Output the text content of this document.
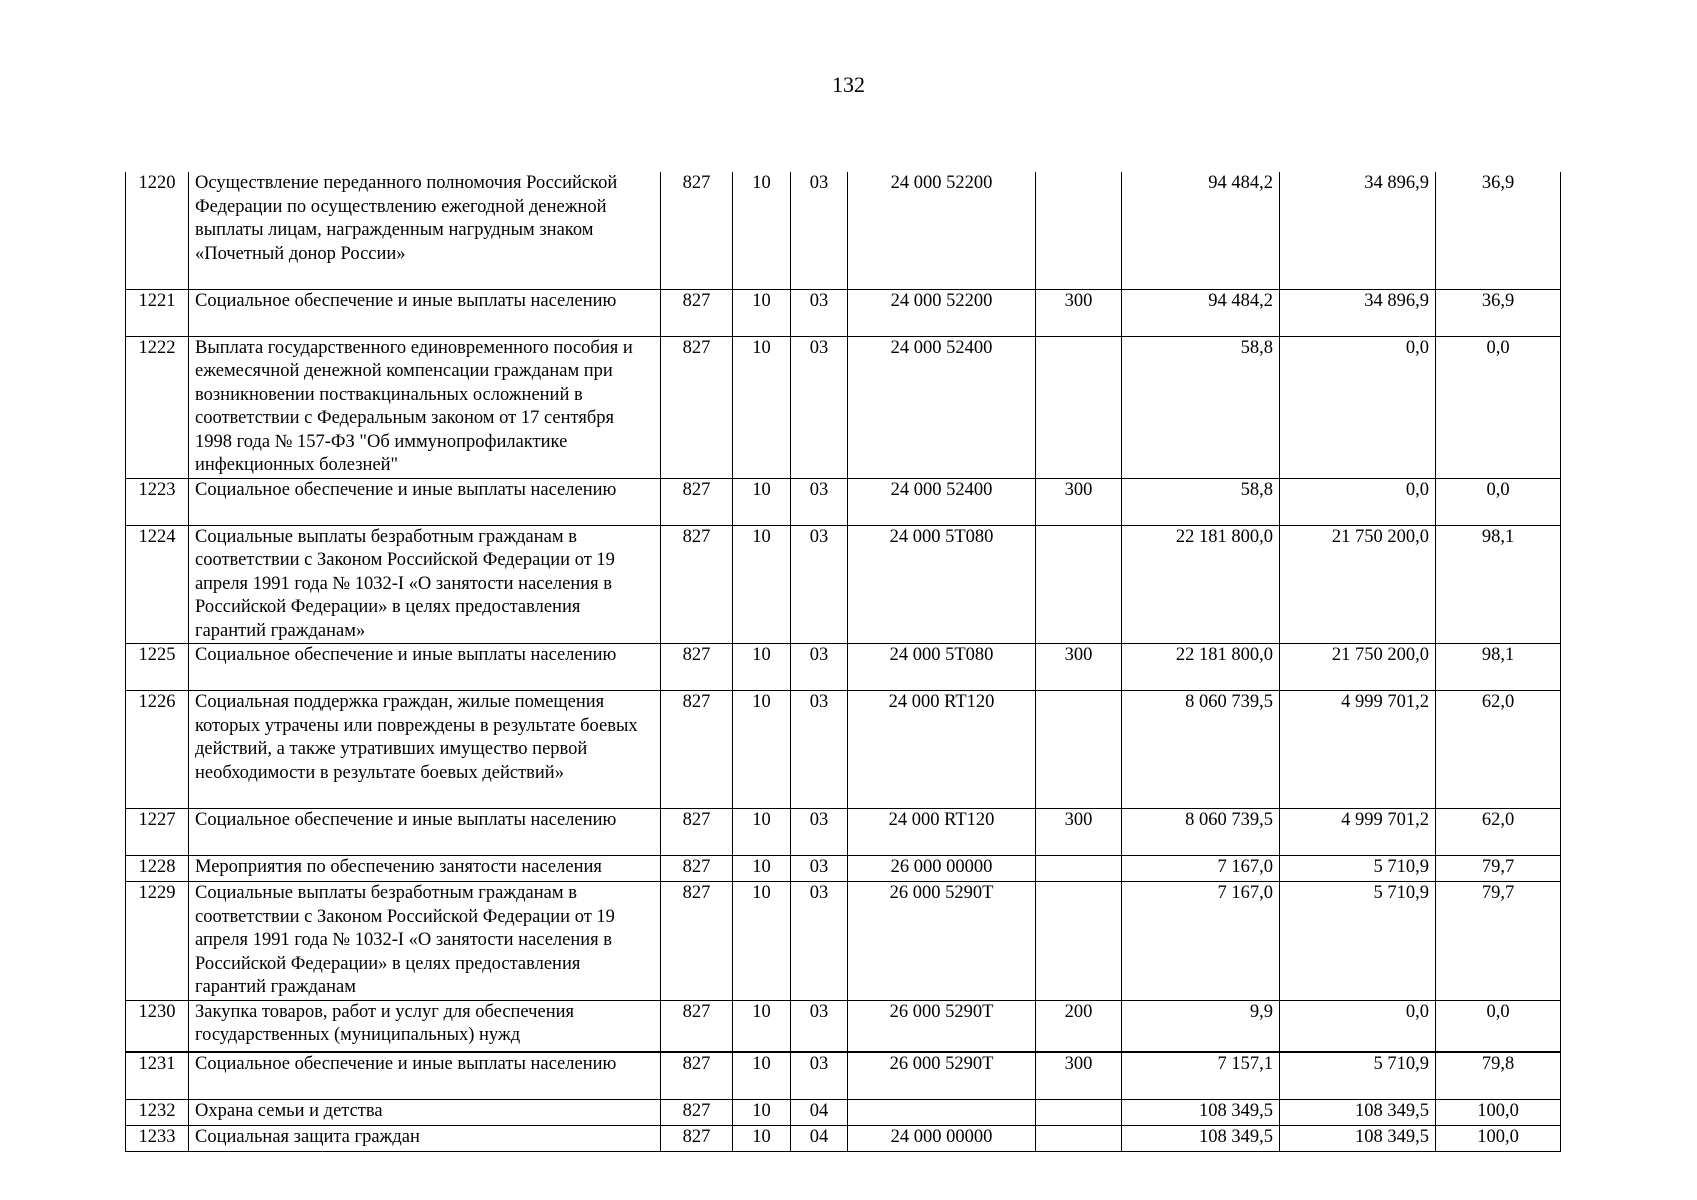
132
1220	Осуществление переданного полномочия Российской Федерации по осуществлению ежегодной денежной выплаты лицам, награжденным нагрудным знаком «Почетный донор России»	827	10	03	24 000 52200		94 484,2	34 896,9	36,9
1221	Социальное обеспечение и иные выплаты населению	827	10	03	24 000 52200	300	94 484,2	34 896,9	36,9
1222	Выплата государственного единовременного пособия и ежемесячной денежной компенсации гражданам при возникновении поствакцинальных осложнений в соответствии с Федеральным законом от 17 сентября 1998 года № 157-ФЗ "Об иммунопрофилактике инфекционных болезней"	827	10	03	24 000 52400		58,8	0,0	0,0
1223	Социальное обеспечение и иные выплаты населению	827	10	03	24 000 52400	300	58,8	0,0	0,0
1224	Социальные выплаты безработным гражданам в соответствии с Законом Российской Федерации от 19 апреля 1991 года № 1032-I «О занятости населения в Российской Федерации» в целях предоставления гарантий гражданам»	827	10	03	24 000 5Т080		22 181 800,0	21 750 200,0	98,1
1225	Социальное обеспечение и иные выплаты населению	827	10	03	24 000 5Т080	300	22 181 800,0	21 750 200,0	98,1
1226	Социальная поддержка граждан, жилые помещения которых утрачены или повреждены в результате боевых действий, а также утративших имущество первой необходимости в результате боевых действий»	827	10	03	24 000 RT120		8 060 739,5	4 999 701,2	62,0
1227	Социальное обеспечение и иные выплаты населению	827	10	03	24 000 RT120	300	8 060 739,5	4 999 701,2	62,0
1228	Мероприятия по обеспечению занятости населения	827	10	03	26 000 00000		7 167,0	5 710,9	79,7
1229	Социальные выплаты безработным гражданам в соответствии с Законом Российской Федерации от 19 апреля 1991 года № 1032-I «О занятости населения в Российской Федерации» в целях предоставления гарантий гражданам	827	10	03	26 000 5290Т		7 167,0	5 710,9	79,7
1230	Закупка товаров, работ и услуг для обеспечения государственных (муниципальных) нужд	827	10	03	26 000 5290Т	200	9,9	0,0	0,0
1231	Социальное обеспечение и иные выплаты населению	827	10	03	26 000 5290Т	300	7 157,1	5 710,9	79,8
1232	Охрана семьи и детства	827	10	04			108 349,5	108 349,5	100,0
1233	Социальная защита граждан	827	10	04	24 000 00000		108 349,5	108 349,5	100,0
